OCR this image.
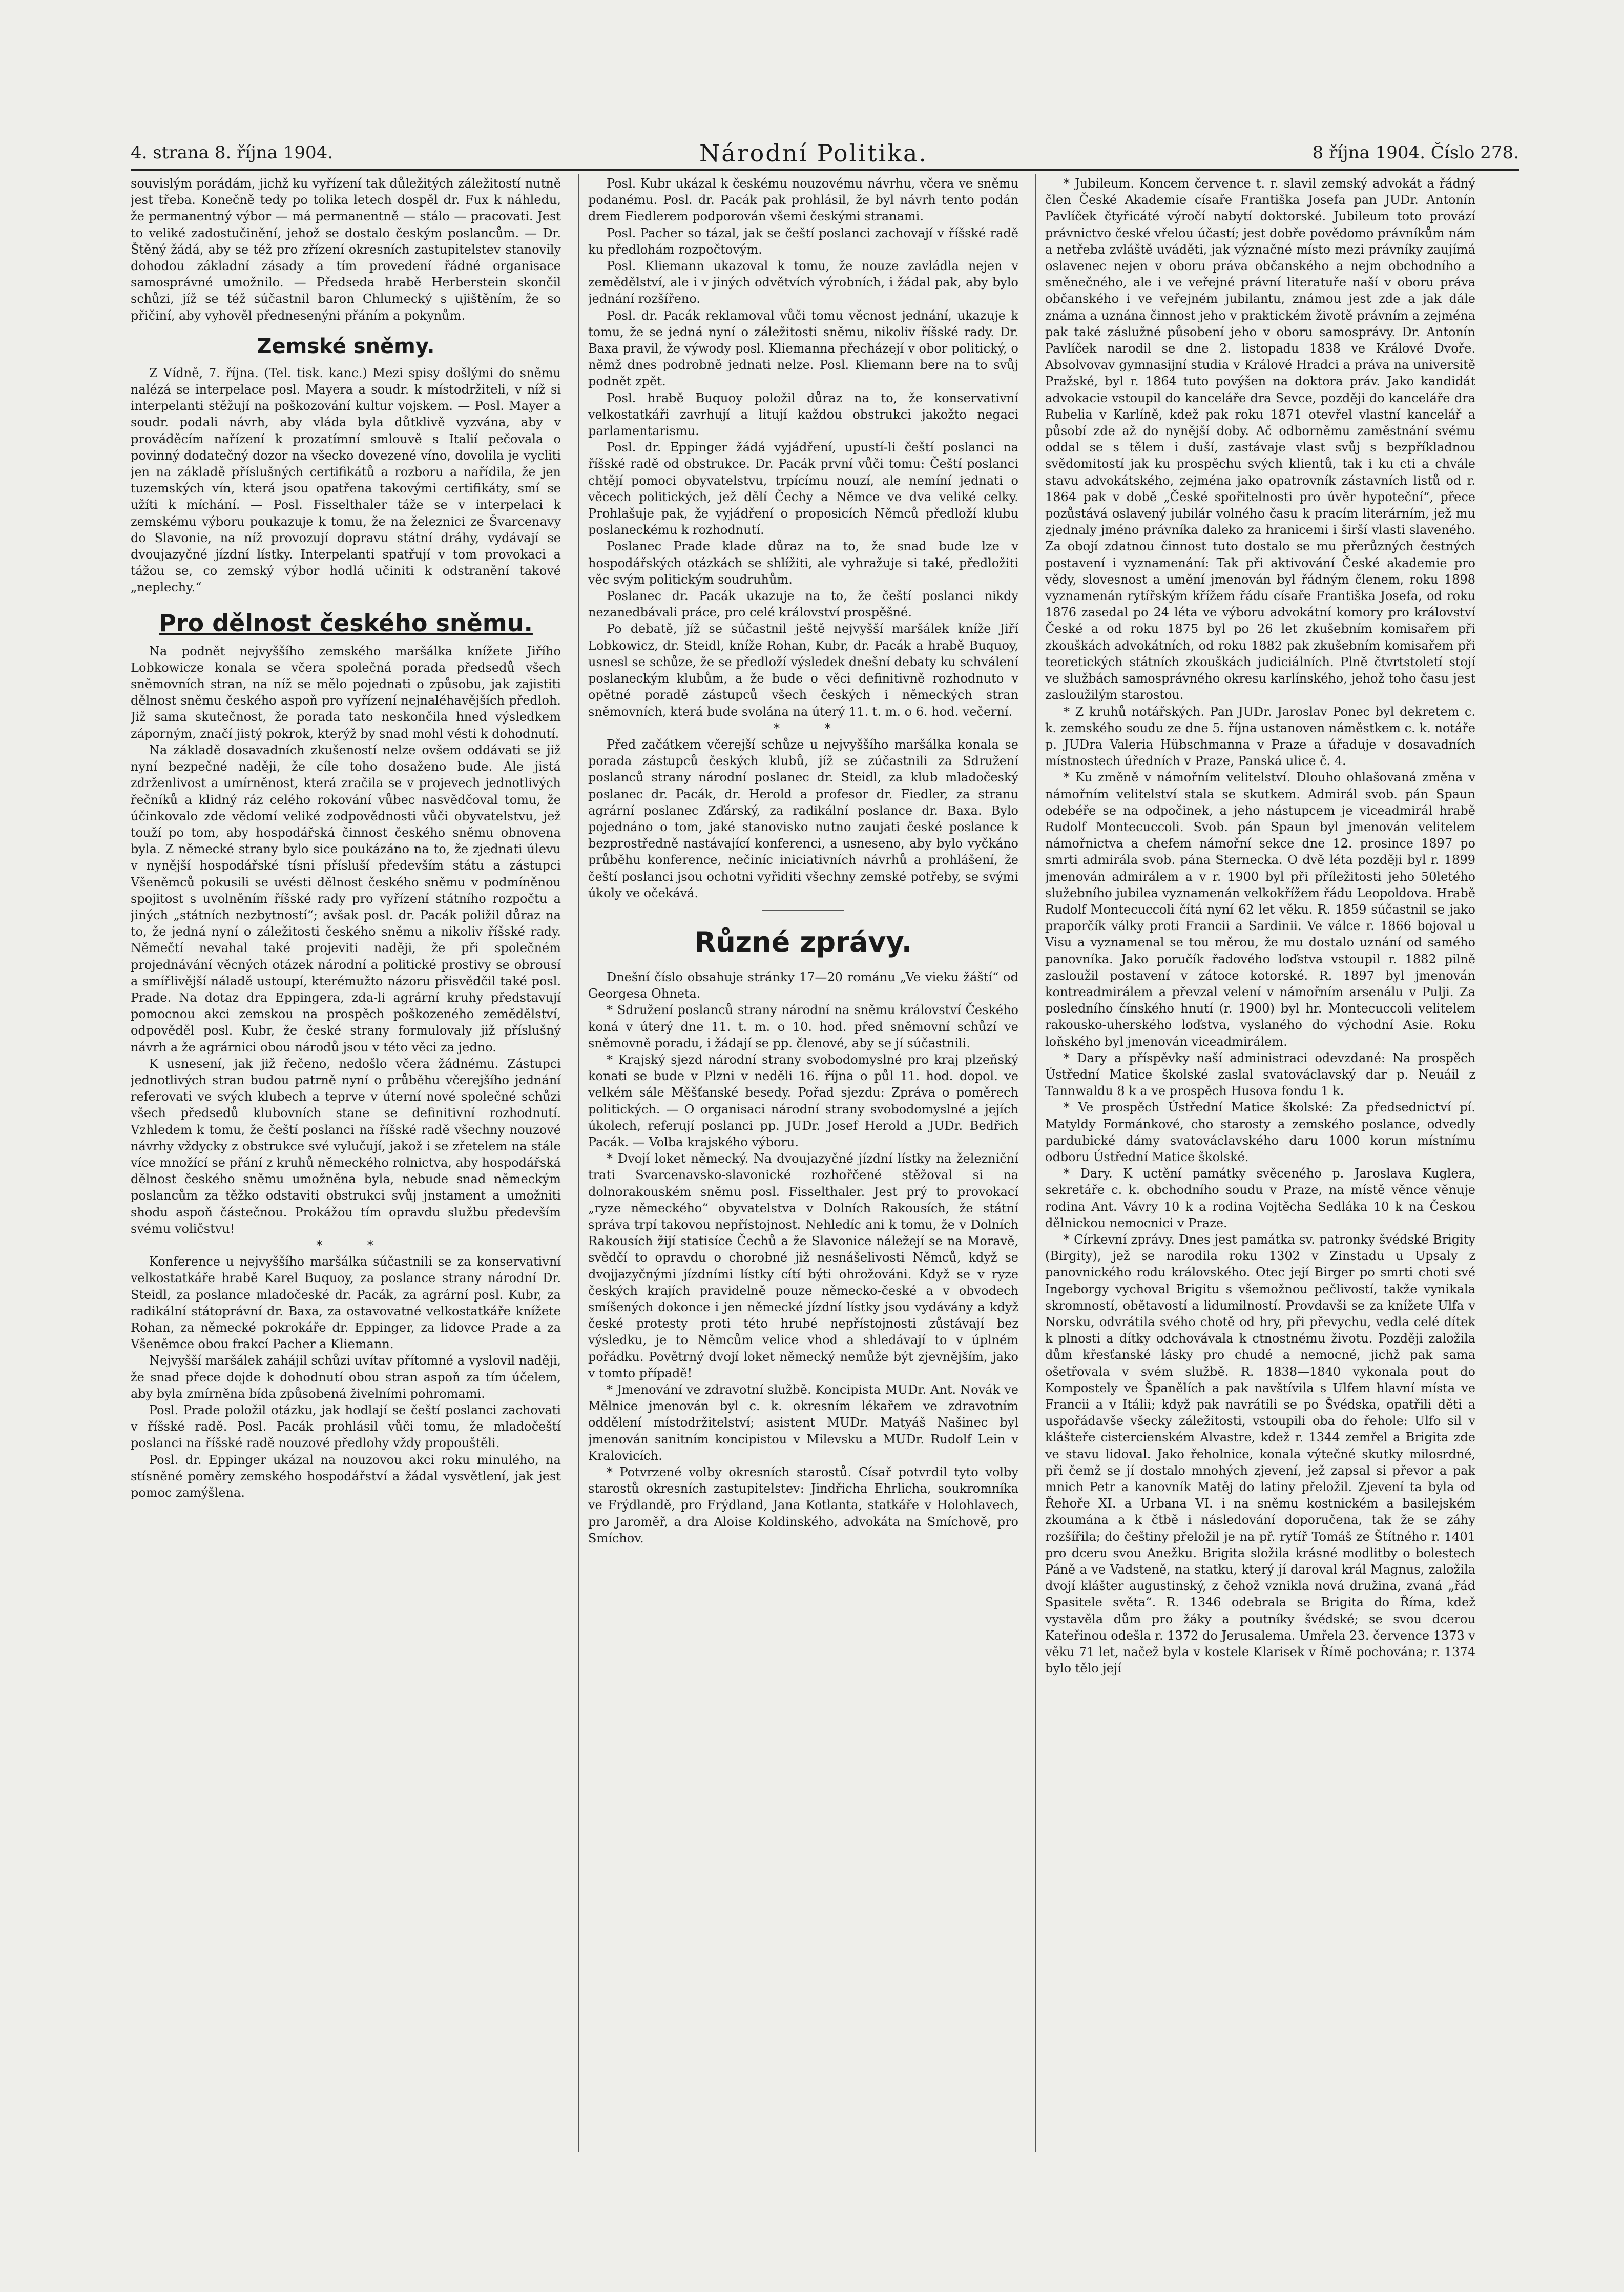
4. strana 8. října 1904.	Národní Politika.	8 října 1904. Číslo 278.

souvislým porádám, jichž ku vyřízení tak důležitých záležitostí nutně jest třeba. Konečně tedy po tolika letech dospěl dr. Fux k náhledu, že permanentný výbor — má permanentně — stálo — pracovati. Jest to veliké zadostučinění, jehož se dostalo českým poslancům. — Dr. Štěný žádá, aby se též pro zřízení okresních zastupitelstev stanovily dohodou základní zásady a tím provedení řádné organisace samosprávné umožnilo. — Předseda hrabě Herberstein skončil schůzi, jíž se též súčastnil baron Chlumecký s ujištěním, že so přičiní, aby vyhověl přednesenýni přáním a pokynům.

Zemské sněmy.

Z Vídně, 7. října. (Tel. tisk. kanc.) Mezi spisy došlými do sněmu nalézá se interpelace posl. Mayera a soudr. k místodržiteli, v níž si interpelanti stěžují na poškozování kultur vojskem. — Posl. Mayer a soudr. podali návrh, aby vláda byla důtklivě vyzvána, aby v prováděcím nařízení k prozatímní smlouvě s Italií pečovala o povinný dodatečný dozor na všecko dovezené víno, dovolila je vycliti jen na základě příslušných certifikátů a rozboru a nařídila, že jen tuzemských vín, která jsou opatřena takovými certifikáty, smí se užíti k míchání. — Posl. Fisselthaler táže se v interpelaci k zemskému výboru poukazuje k tomu, že na železnici ze Švarcenavy do Slavonie, na níž provozují dopravu státní dráhy, vydávají se dvoujazyčné jízdní lístky. Interpelanti spatřují v tom provokaci a tážou se, co zemský výbor hodlá učiniti k odstranění takové „neplechy.“

Pro dělnost českého sněmu.

Na podnět nejvyššího zemského maršálka knížete Jiřího Lobkowicze konala se včera společná porada předsedů všech sněmovních stran, na níž se mělo pojednati o způsobu, jak zajistiti dělnost sněmu českého aspoň pro vyřízení nejnaléhavějších předloh. Již sama skutečnost, že porada tato neskončila hned výsledkem záporným, značí jistý pokrok, kterýž by snad mohl vésti k dohodnutí.

Na základě dosavadních zkušeností nelze ovšem oddávati se již nyní bezpečné naději, že cíle toho dosaženo bude. Ale jistá zdrženlivost a umírněnost, která zračila se v projevech jednotlivých řečníků a klidný ráz celého rokování vůbec nasvědčoval tomu, že účinkovalo zde vědomí veliké zodpovědnosti vůči obyvatelstvu, jež touží po tom, aby hospodářská činnost českého sněmu obnovena byla. Z německé strany bylo sice poukázáno na to, že zjednati úlevu v nynější hospodářské tísni přísluší především státu a zástupci Všeněmců pokusili se uvésti dělnost českého sněmu v podmíněnou spojitost s uvolněním říšské rady pro vyřízení státního rozpočtu a jiných „státních nezbytností“; avšak posl. dr. Pacák poližil důraz na to, že jedná nyní o záležitosti českého sněmu a nikoliv říšské rady. Němečtí nevahal také projeviti naději, že při společném projednávání věcných otázek národní a politické prostivy se obrousí a smířlivější náladě ustoupí, kterémužto názoru přisvědčil také posl. Prade. Na dotaz dra Eppingera, zda-li agrární kruhy představují pomocnou akci zemskou na prospěch poškozeného zemědělství, odpověděl posl. Kubr, že české strany formulovaly již příslušný návrh a že agrárnici obou národů jsou v této věci za jedno.

K usnesení, jak již řečeno, nedošlo včera žádnému. Zástupci jednotlivých stran budou patrně nyní o průběhu včerejšího jednání referovati ve svých klubech a teprve v úterní nové společné schůzi všech předsedů klubovních stane se definitivní rozhodnutí. Vzhledem k tomu, že čeští poslanci na říšské radě všechny nouzové návrhy vždycky z obstrukce své vylučují, jakož i se zřetelem na stále více množící se přání z kruhů německého rolnictva, aby hospodářská dělnost českého sněmu umožněna byla, nebude snad německým poslancům za těžko odstaviti obstrukci svůj jnstament a umožniti shodu aspoň částečnou. Prokážou tím opravdu službu především svému voličstvu!

* *

Konference u nejvyššího maršálka súčastnili se za konservativní velkostatkáře hrabě Karel Buquoy, za poslance strany národní Dr. Steidl, za poslance mladočeské dr. Pacák, za agrární posl. Kubr, za radikální státoprávní dr. Baxa, za ostavovatné velkostatkáře knížete Rohan, za německé pokrokáře dr. Eppinger, za lidovce Prade a za Všeněmce obou frakcí Pacher a Kliemann.

Nejvyšší maršálek zahájil schůzi uvítav přítomné a vyslovil naději, že snad přece dojde k dohodnutí obou stran aspoň za tím účelem, aby byla zmírněna bída způsobená živelními pohromami.

Posl. Prade položil otázku, jak hodlají se čeští poslanci zachovati v říšské radě. Posl. Pacák prohlásil vůči tomu, že mladočeští poslanci na říšské radě nouzové předlohy vždy propouštěli.

Posl. dr. Eppinger ukázal na nouzovou akci roku minulého, na stísněné poměry zemského hospodářství a žádal vysvětlení, jak jest pomoc zamýšlena.

Posl. Kubr ukázal k českému nouzovému návrhu, včera ve sněmu podanému. Posl. dr. Pacák pak prohlásil, že byl návrh tento podán drem Fiedlerem podporován všemi českými stranami.

Posl. Pacher so tázal, jak se čeští poslanci zachovají v říšské radě ku předlohám rozpočtovým.

Posl. Kliemann ukazoval k tomu, že nouze zavládla nejen v zemědělství, ale i v jiných odvětvích výrobních, i žádal pak, aby bylo jednání rozšířeno.

Posl. dr. Pacák reklamoval vůči tomu věcnost jednání, ukazuje k tomu, že se jedná nyní o záležitosti sněmu, nikoliv říšské rady. Dr. Baxa pravil, že výwody posl. Kliemanna přecházejí v obor politický, o němž dnes podrobně jednati nelze. Posl. Kliemann bere na to svůj podnět zpět.

Posl. hrabě Buquoy položil důraz na to, že konservativní velkostatkáři zavrhují a litují každou obstrukci jakožto negaci parlamentarismu.

Posl. dr. Eppinger žádá vyjádření, upustí-li čeští poslanci na říšské radě od obstrukce. Dr. Pacák první vůči tomu: Čeští poslanci chtějí pomoci obyvatelstvu, trpícímu nouzí, ale nemíní jednati o věcech politických, jež dělí Čechy a Němce ve dva veliké celky. Prohlašuje pak, že vyjádření o proposicích Němců předloží klubu poslaneckému k rozhodnutí.

Poslanec Prade klade důraz na to, že snad bude lze v hospodářských otázkách se shlížiti, ale vyhražuje si také, předložiti věc svým politickým soudruhům.

Poslanec dr. Pacák ukazuje na to, že čeští poslanci nikdy nezanedbávali práce, pro celé království prospěšné.

Po debatě, jíž se súčastnil ještě nejvyšší maršálek kníže Jiří Lobkowicz, dr. Steidl, kníže Rohan, Kubr, dr. Pacák a hrabě Buquoy, usnesl se schůze, že se předloží výsledek dnešní debaty ku schválení poslaneckým klubům, a že bude o věci definitivně rozhodnuto v opětné poradě zástupců všech českých i německých stran sněmovních, která bude svolána na úterý 11. t. m. o 6. hod. večerní.

* *

Před začátkem včerejší schůze u nejvyššího maršálka konala se porada zástupců českých klubů, jíž se zúčastnili za Sdružení poslanců strany národní poslanec dr. Steidl, za klub mladočeský poslanec dr. Pacák, dr. Herold a profesor dr. Fiedler, za stranu agrární poslanec Zďárský, za radikální poslance dr. Baxa. Bylo pojednáno o tom, jaké stanovisko nutno zaujati české poslance k bezprostředně nastávající konferenci, a usneseno, aby bylo vyčkáno průběhu konference, nečiníc iniciativních návrhů a prohlášení, že čeští poslanci jsou ochotni vyřiditi všechny zemské potřeby, se svými úkoly ve očekává.

Různé zprávy.

Dnešní číslo obsahuje stránky 17—20 románu „Ve vieku žáští“ od Georgesa Ohneta.

* Sdružení poslanců strany národní na sněmu království Českého koná v úterý dne 11. t. m. o 10. hod. před sněmovní schůzí ve sněmovně poradu, i žádají se pp. členové, aby se jí súčastnili.

* Krajský sjezd národní strany svobodomyslné pro kraj plzeňský konati se bude v Plzni v neděli 16. října o půl 11. hod. dopol. ve velkém sále Měšťanské besedy. Pořad sjezdu: Zpráva o poměrech politických. — O organisaci národní strany svobodomyslné a jejích úkolech, referují poslanci pp. JUDr. Josef Herold a JUDr. Bedřich Pacák. — Volba krajského výboru.

* Dvojí loket německý. Na dvoujazyčné jízdní lístky na železniční trati Svarcenavsko-slavonické rozhořčené stěžoval si na dolnorakouském sněmu posl. Fisselthaler. Jest prý to provokací „ryze německého“ obyvatelstva v Dolních Rakousích, že státní správa trpí takovou nepřístojnost. Nehledíc ani k tomu, že v Dolních Rakousích žijí statisíce Čechů a že Slavonice náležejí se na Moravě, svědčí to opravdu o chorobné již nesnášelivosti Němců, když se dvojjazyčnými jízdními lístky cítí býti ohrožováni. Když se v ryze českých krajích pravidelně pouze německo-české a v obvodech smíšených dokonce i jen německé jízdní lístky jsou vydávány a když české protesty proti této hrubé nepřístojnosti zůstávají bez výsledku, je to Němcům velice vhod a shledávají to v úplném pořádku. Povětrný dvojí loket německý nemůže být zjevnějším, jako v tomto případě!

* Jmenování ve zdravotní službě. Koncipista MUDr. Ant. Novák ve Mělnice jmenován byl c. k. okresním lékařem ve zdravotním oddělení místodržitelství; asistent MUDr. Matyáš Našinec byl jmenován sanitním koncipistou v Milevsku a MUDr. Rudolf Lein v Kralovicích.

* Potvrzené volby okresních starostů. Císař potvrdil tyto volby starostů okresních zastupitelstev: Jindřicha Ehrlicha, soukromníka ve Frýdlandě, pro Frýdland, Jana Kotlanta, statkáře v Holohlavech, pro Jaroměř, a dra Aloise Koldinského, advokáta na Smíchově, pro Smíchov.

* Jubileum. Koncem července t. r. slavil zemský advokát a řádný člen České Akademie císaře Františka Josefa pan JUDr. Antonín Pavlíček čtyřicáté výročí nabytí doktorské. Jubileum toto provází právnictvo české vřelou účastí; jest dobře povědomo právníkům nám a netřeba zvláště uváděti, jak význačné místo mezi právníky zaujímá oslavenec nejen v oboru práva občanského a nejm obchodního a směnečného, ale i ve veřejné právní literatuře naší v oboru práva občanského i ve veřejném jubilantu, známou jest zde a jak dále známa a uznána činnost jeho v praktickém životě právním a zejména pak také záslužné působení jeho v oboru samosprávy. Dr. Antonín Pavlíček narodil se dne 2. listopadu 1838 ve Králové Dvoře. Absolvovav gymnasijní studia v Králové Hradci a práva na universitě Pražské, byl r. 1864 tuto povýšen na doktora práv. Jako kandidát advokacie vstoupil do kanceláře dra Sevce, později do kanceláře dra Rubelia v Karlíně, kdež pak roku 1871 otevřel vlastní kancelář a působí zde až do nynější doby. Ač odborněmu zaměstnání svému oddal se s tělem i duší, zastávaje vlast svůj s bezpříkladnou svědomitostí jak ku prospěchu svých klientů, tak i ku cti a chvále stavu advokátského, zejména jako opatrovník zástavních listů od r. 1864 pak v době „České spořitelnosti pro úvěr hypoteční“, přece pozůstává oslavený jubilár volného času k pracím literárním, jež mu zjednaly jméno právníka daleko za hranicemi i širší vlasti slaveného. Za obojí zdatnou činnost tuto dostalo se mu přerůzných čestných postavení i vyznamenání: Tak při aktivování České akademie pro vědy, slovesnost a umění jmenován byl řádným členem, roku 1898 vyznamenán rytířským křížem řádu císaře Františka Josefa, od roku 1876 zasedal po 24 léta ve výboru advokátní komory pro království České a od roku 1875 byl po 26 let zkušebním komisařem při zkouškách advokátních, od roku 1882 pak zkušebním komisařem při teoretických státních zkouškách judiciálních. Plně čtvrtstoletí stojí ve službách samosprávného okresu karlínského, jehož toho času jest zasloužilým starostou.

* Z kruhů notářských. Pan JUDr. Jaroslav Ponec byl dekretem c. k. zemského soudu ze dne 5. října ustanoven náměstkem c. k. notáře p. JUDra Valeria Hübschmanna v Praze a úřaduje v dosavadních místnostech úředních v Praze, Panská ulice č. 4.

* Ku změně v námořním velitelství. Dlouho ohlašovaná změna v námořním velitelství stala se skutkem. Admirál svob. pán Spaun odebéře se na odpočinek, a jeho nástupcem je viceadmirál hrabě Rudolf Montecuccoli. Svob. pán Spaun byl jmenován velitelem námořnictva a chefem námořní sekce dne 12. prosince 1897 po smrti admirála svob. pána Sterneckа. O dvě léta později byl r. 1899 jmenován admirálem a v r. 1900 byl při příležitosti jeho 50letého služebního jubilea vyznamenán velkokřížem řádu Leopoldova. Hrabě Rudolf Montecuccoli čítá nyní 62 let věku. R. 1859 súčastnil se jako praporčík války proti Francii a Sardinii. Ve válce r. 1866 bojoval u Visu a vyznamenal se tou měrou, že mu dostalo uznání od samého panovníka. Jako poručík řadového loďstva vstoupil r. 1882 pilně zasloužil postavení v zátoce kotorské. R. 1897 byl jmenován kontreadmirálem a převzal velení v námořním arsenálu v Pulji. Za posledního čínského hnutí (r. 1900) byl hr. Montecuccoli velitelem rakousko-uherského loďstva, vyslaného do východní Asie. Roku loňského byl jmenován viceadmirálem.

* Dary a příspěvky naší administraci odevzdané: Na prospěch Ústřední Matice školské zaslal svatováclavský dar p. Neuáil z Tannwaldu 8 k a ve prospěch Husova fondu 1 k.

* Ve prospěch Ústřední Matice školské: Za předsednictví pí. Matyldy Formánkové, cho starosty a zemského poslance, odvedly pardubické dámy svatováclavského daru 1000 korun místnímu odboru Ústřední Matice školské.

* Dary. K uctění památky svěceného p. Jaroslava Kuglera, sekretáře c. k. obchodního soudu v Praze, na místě věnce věnuje rodina Ant. Vávry 10 k a rodina Vojtěcha Sedláka 10 k na Českou dělnickou nemocnici v Praze.

* Církevní zprávy. Dnes jest památka sv. patronky švédské Brigity (Birgity), jež se narodila roku 1302 v Zinstadu u Upsaly z panovnického rodu královského. Otec její Birger po smrti choti své Ingeborgy vychoval Brigitu s všemožnou pečlivostí, takže vynikala skromností, obětavostí a lidumilností. Provdavši se za knížete Ulfa v Norsku, odvrátila svého chotě od hry, při převychu, vedla celé dítek k plnosti a dítky odchovávala k ctnostnému životu. Později založila dům křesťanské lásky pro chudé a nemocné, jichž pak sama ošetřovala v svém službě. R. 1838—1840 vykonala pout do Kompostely ve Španělích a pak navštívila s Ulfem hlavní místa ve Francii a v Itálii; když pak navrátili se po Švédska, opatřili děti a uspořádavše všecky záležitosti, vstoupili oba do řehole: Ulfo sil v klášteře cistercienském Alvastre, kdež r. 1344 zemřel a Brigita zde ve stavu lidoval. Jako řeholnice, konala výtečné skutky milosrdné, při čemž se jí dostalo mnohých zjevení, jež zapsal si převor a pak mnich Petr a kanovník Matěj do latiny přeložil. Zjevení ta byla od Řehoře XI. a Urbana VI. i na sněmu kostnickém a basilejském zkoumána a k čtbě i následování doporučena, tak že se záhy rozšířila; do češtiny přeložil je na př. rytíř Tomáš ze Štítného r. 1401 pro dceru svou Anežku. Brigita složila krásné modlitby o bolestech Páně a ve Vadsteně, na statku, který jí daroval král Magnus, založila dvojí klášter augustinský, z čehož vznikla nová družina, zvaná „řád Spasitele světa“. R. 1346 odebrala se Brigita do Říma, kdež vystavěla dům pro žáky a poutníky švédské; se svou dcerou Kateřinou odešla r. 1372 do Jerusalema. Umřela 23. července 1373 v věku 71 let, načež byla v kostele Klarisek v Římě pochována; r. 1374 bylo tělo její
